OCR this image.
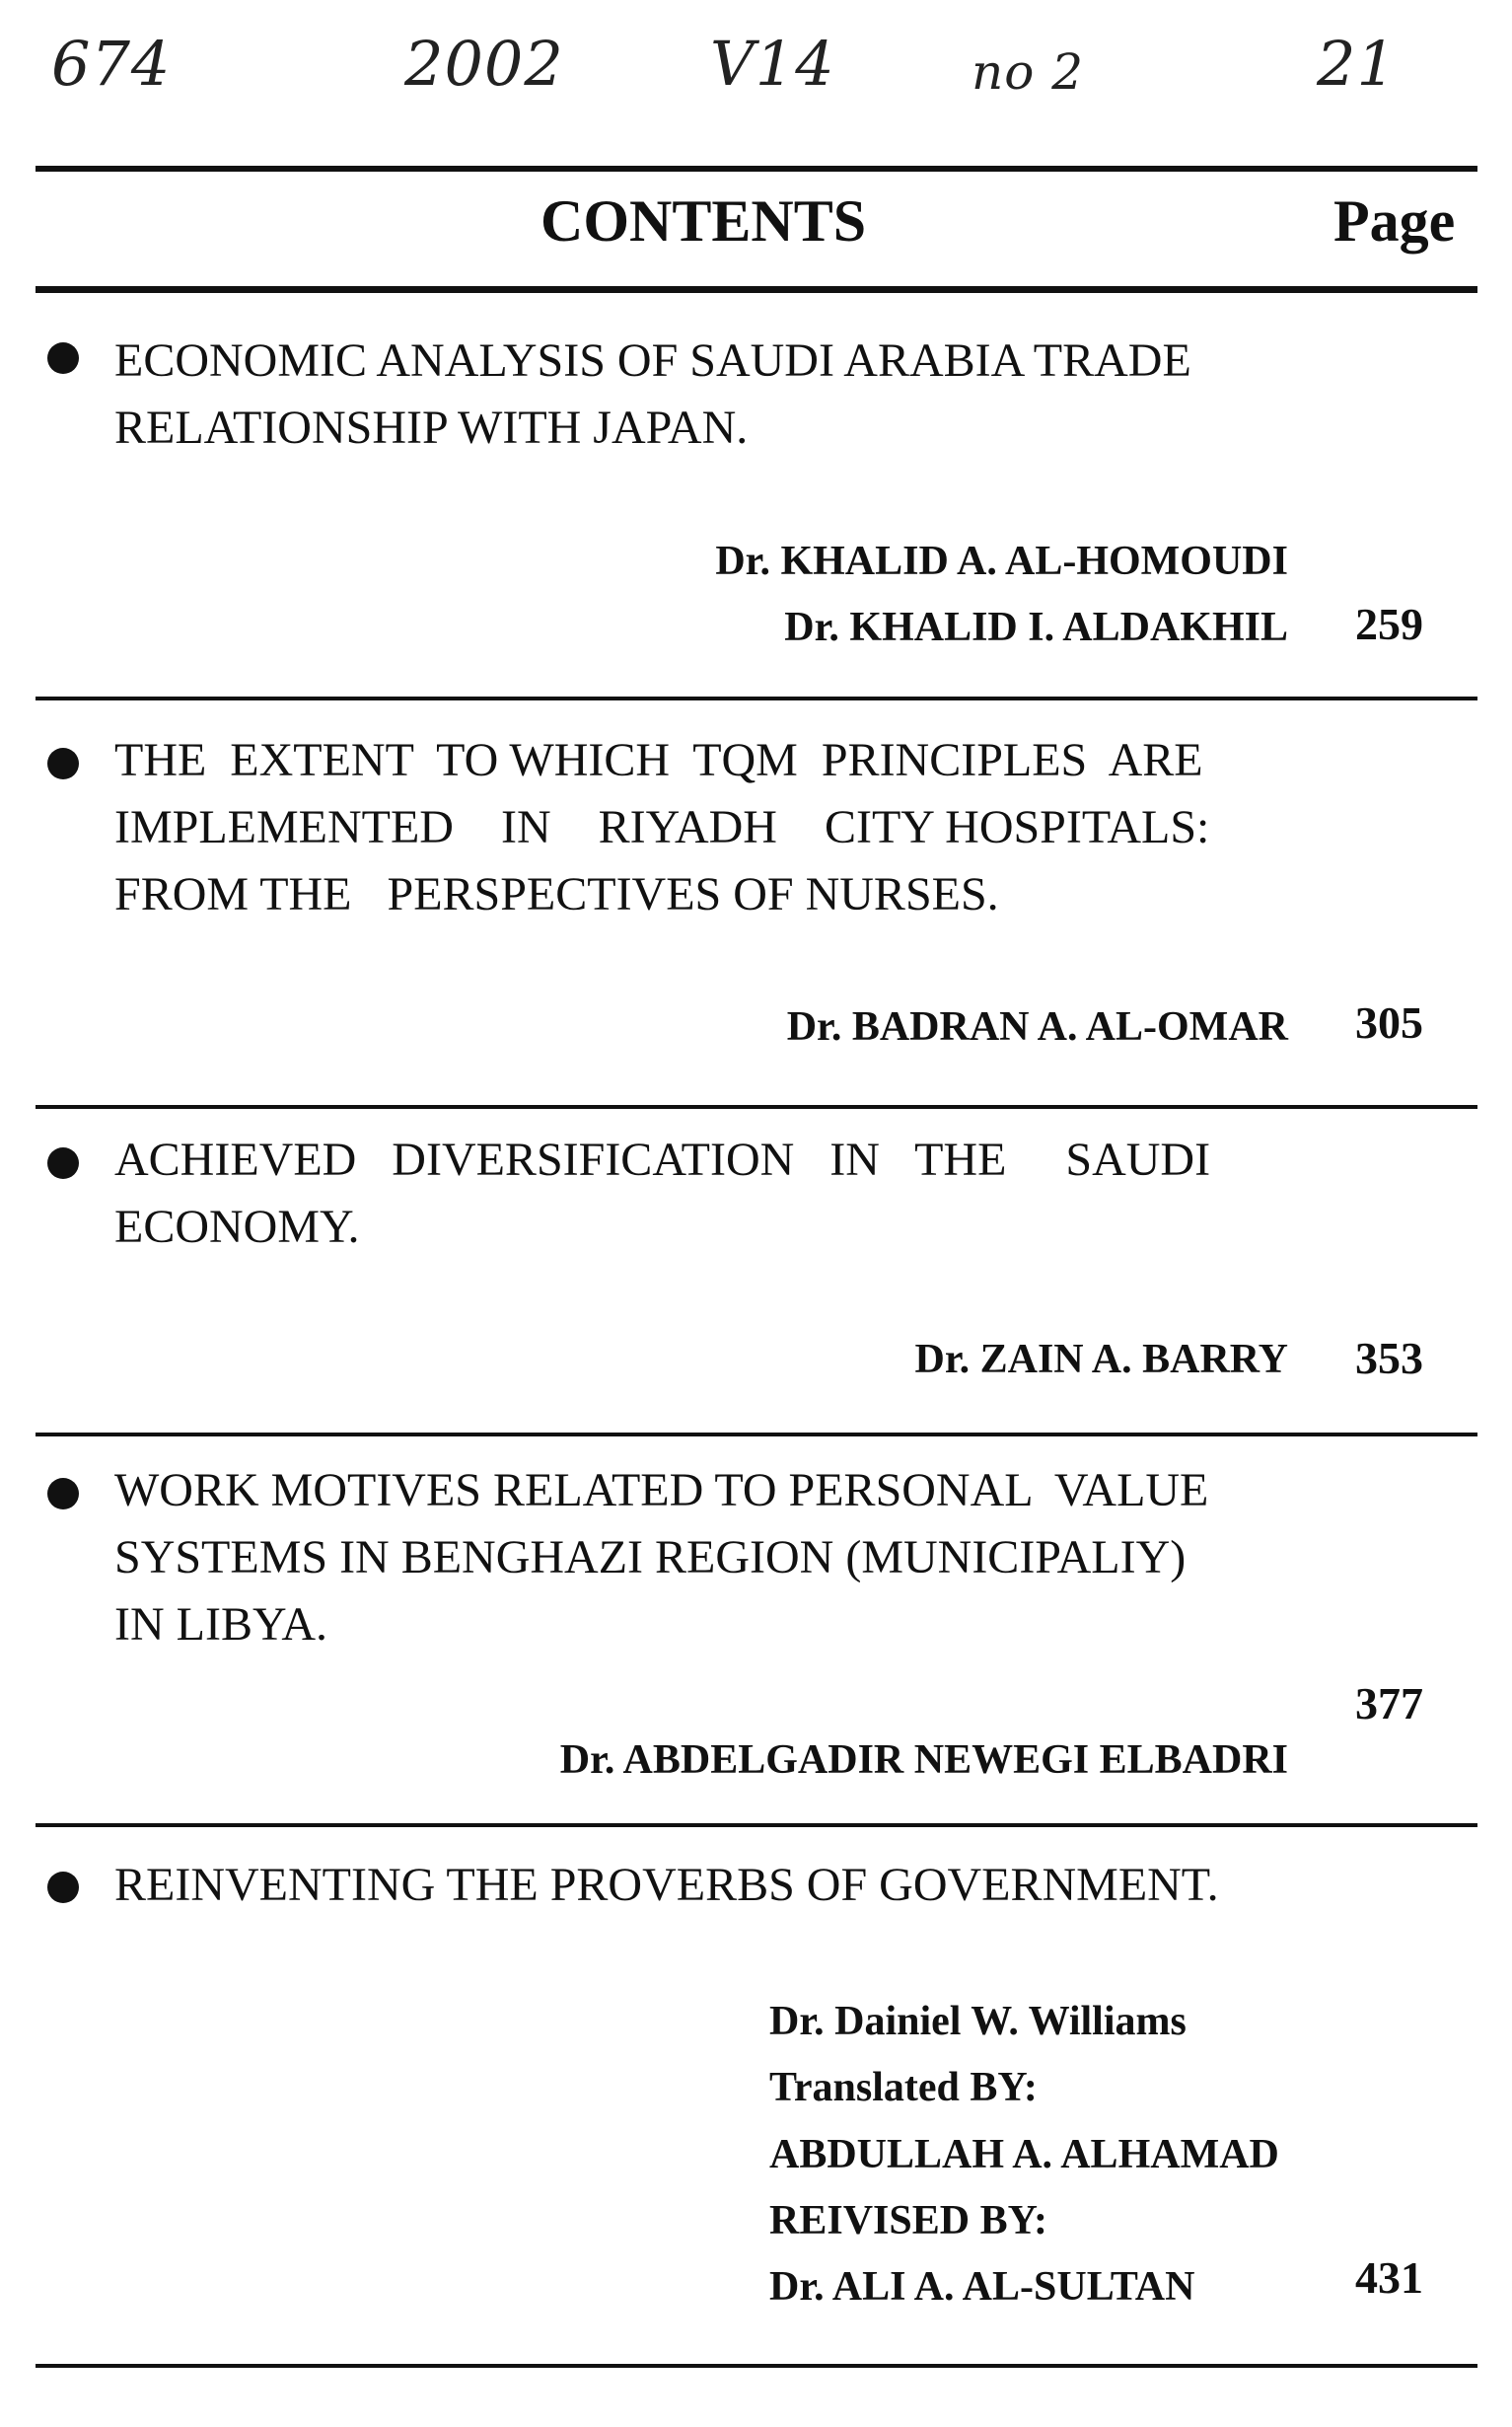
674	2002 V14	no 2	21
CONTENTS	Page
ECONOMIC ANALYSIS OF SAUDI ARABIA TRADE
RELATIONSHIP WITH JAPAN.
Dr. KHALID A. AL-HOMOUDI
Dr. KHALID I. ALDAKHIL	259
THE  EXTENT  TO WHICH  TQM  PRINCIPLES  ARE
IMPLEMENTED    IN    RIYADH    CITY HOSPITALS:
FROM THE   PERSPECTIVES OF NURSES.
Dr. BADRAN A. AL-OMAR	305
ACHIEVED   DIVERSIFICATION   IN   THE     SAUDI
ECONOMY.
Dr. ZAIN A. BARRY	353
WORK MOTIVES RELATED TO PERSONAL  VALUE
SYSTEMS IN BENGHAZI REGION (MUNICIPALIY)
IN LIBYA.
377
Dr. ABDELGADIR NEWEGI ELBADRI
REINVENTING THE PROVERBS OF GOVERNMENT.
Dr. Dainiel W. Williams
Translated BY:
ABDULLAH A. ALHAMAD
REIVISED BY:
Dr. ALI A. AL-SULTAN	431
